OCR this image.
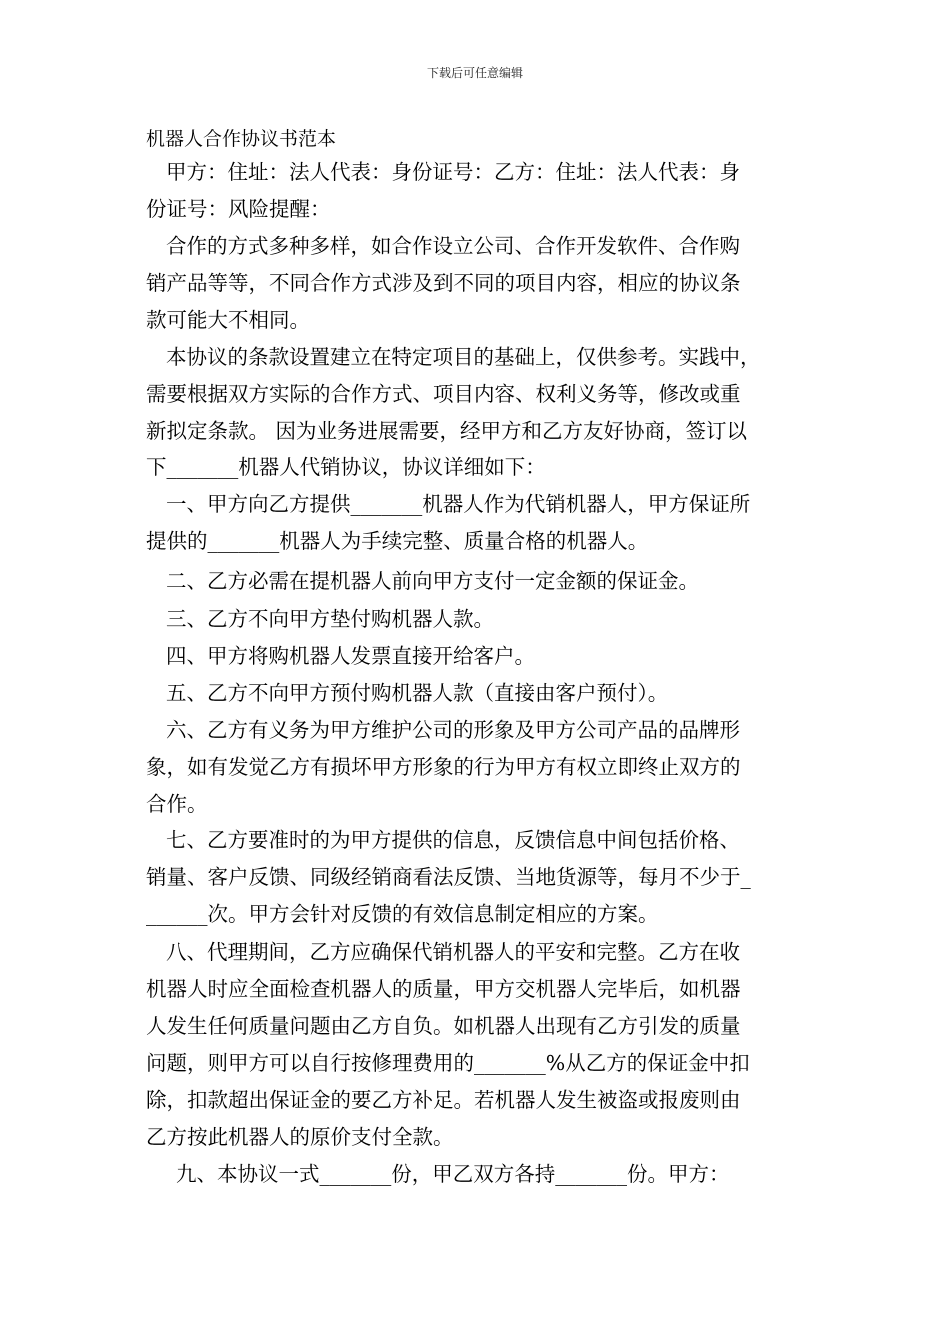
下载后可任意编辑
机器人合作协议书范本
甲方：住址：法人代表：身份证号：乙方：住址：法人代表：身
份证号：风险提醒：
合作的方式多种多样，如合作设立公司、合作开发软件、合作购
销产品等等，不同合作方式涉及到不同的项目内容，相应的协议条
款可能大不相同。
本协议的条款设置建立在特定项目的基础上，仅供参考。实践中，
需要根据双方实际的合作方式、项目内容、权利义务等，修改或重
新拟定条款。 因为业务进展需要，经甲方和乙方友好协商，签订以
下_______机器人代销协议，协议详细如下：
一、甲方向乙方提供_______机器人作为代销机器人，甲方保证所
提供的_______机器人为手续完整、质量合格的机器人。
二、乙方必需在提机器人前向甲方支付一定金额的保证金。
三、乙方不向甲方垫付购机器人款。
四、甲方将购机器人发票直接开给客户。
五、乙方不向甲方预付购机器人款（直接由客户预付）。
六、乙方有义务为甲方维护公司的形象及甲方公司产品的品牌形
象，如有发觉乙方有损坏甲方形象的行为甲方有权立即终止双方的
合作。
七、乙方要准时的为甲方提供的信息，反馈信息中间包括价格、
销量、客户反馈、同级经销商看法反馈、当地货源等，每月不少于_
______次。甲方会针对反馈的有效信息制定相应的方案。
八、代理期间，乙方应确保代销机器人的平安和完整。乙方在收
机器人时应全面检查机器人的质量，甲方交机器人完毕后，如机器
人发生任何质量问题由乙方自负。如机器人出现有乙方引发的质量
问题，则甲方可以自行按修理费用的_______%从乙方的保证金中扣
除，扣款超出保证金的要乙方补足。若机器人发生被盗或报废则由
乙方按此机器人的原价支付全款。
九、本协议一式_______份，甲乙双方各持_______份。甲方：
